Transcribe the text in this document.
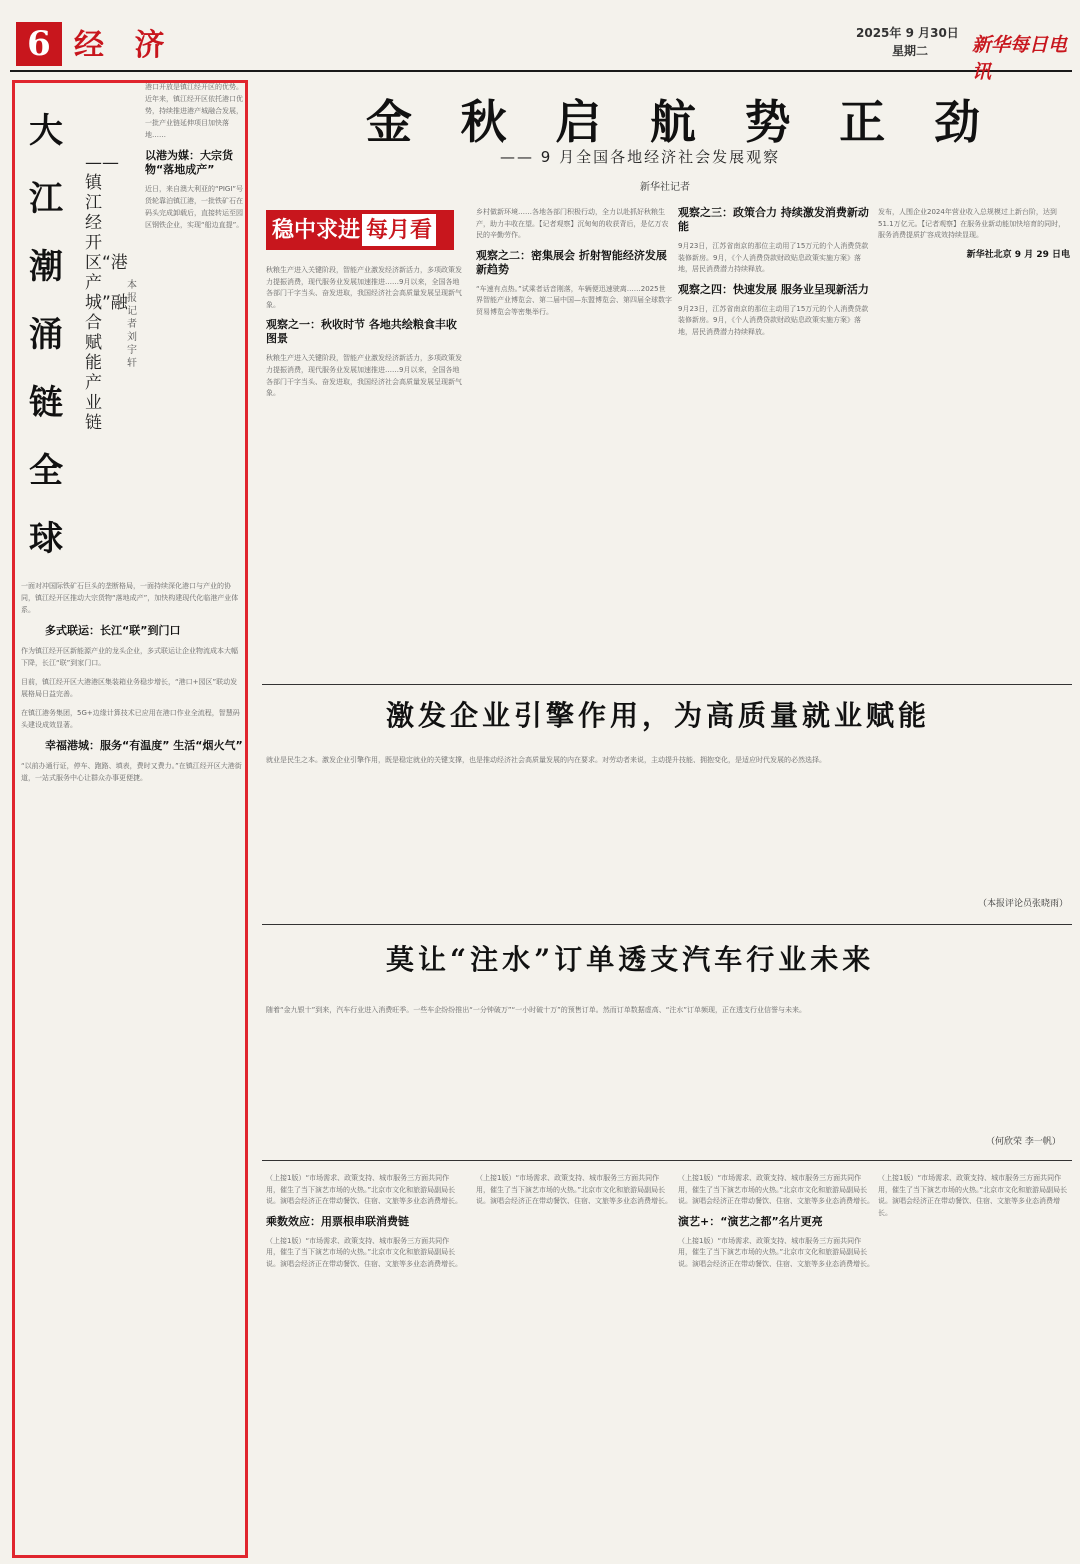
6 经 济	2025年 9 月30日
星期二 新华每日电讯
大江潮涌链全球
——镇江经开区“港产城”融合赋能产业链
本报记者 刘宇轩
港口开放是镇江经开区的优势。近年来，镇江经开区依托港口优势，持续推进港产城融合发展，一批产业链延伸项目加快落地……
以港为媒：大宗货物“落地成产”
近日，来自澳大利亚的“PIGI”号货轮靠泊镇江港，一批铁矿石在码头完成卸载后，直接转运至园区钢铁企业，实现“船边直提”。

一面对冲国际铁矿石巨头的垄断格局，一面持续深化港口与产业的协同，镇江经开区推动大宗货物“落地成产”，加快构建现代化临港产业体系。

多式联运：长江“联”到门口

作为镇江经开区新能源产业的龙头企业，多式联运让企业物流成本大幅下降，长江“联”到家门口。

目前，镇江经开区大港港区集装箱业务稳步增长，“港口+园区”联动发展格局日益完善。

在镇江港务集团，5G+边缘计算技术已应用在港口作业全流程，智慧码头建设成效显著。

幸福港城：服务“有温度” 生活“烟火气”

“以前办通行证，停车、跑路、填表，费时又费力。”在镇江经开区大港街道，一站式服务中心让群众办事更便捷。

金 秋 启 航 势 正 劲
—— 9 月全国各地经济社会发展观察
新华社记者
稳中求进 每月看

秋粮生产进入关键阶段，智能产业激发经济新活力，多项政策发力提振消费，现代服务业发展加速推进……9月以来，全国各地各部门干字当头、奋发进取，我国经济社会高质量发展呈现新气象。

观察之一：秋收时节 各地共绘粮食丰收图景

秋粮生产进入关键阶段，智能产业激发经济新活力，多项政策发力提振消费，现代服务业发展加速推进……9月以来，全国各地各部门干字当头、奋发进取，我国经济社会高质量发展呈现新气象。

乡村做新环境……各地各部门积极行动，全力以赴抓好秋粮生产，助力丰收在望。【记者观察】沉甸甸的收获背后，是亿万农民的辛勤劳作。

观察之二：密集展会 折射智能经济发展新趋势

“车速有点热。”试乘者话音刚落，车辆便迅速驶离……2025世界智能产业博览会、第二届中国—东盟博览会、第四届全球数字贸易博览会等密集举行。

观察之三：政策合力 持续激发消费新动能

9月23日，江苏省南京的那位主动用了15万元的个人消费贷款装修新房。9月，《个人消费贷款财政贴息政策实施方案》落地，居民消费潜力持续释放。

观察之四：快速发展 服务业呈现新活力

9月23日，江苏省南京的那位主动用了15万元的个人消费贷款装修新房。9月，《个人消费贷款财政贴息政策实施方案》落地，居民消费潜力持续释放。

发布，人围企业2024年营业收入总规模过上新台阶，达到51.1万亿元。【记者观察】在服务业新动能加快培育的同时，服务消费提质扩容成效持续显现。

新华社北京 9 月 29 日电
激发企业引擎作用，为高质量就业赋能

就业是民生之本。激发企业引擎作用，既是稳定就业的关键支撑，也是推动经济社会高质量发展的内在要求。对劳动者来说，主动提升技能、拥抱变化，是适应时代发展的必然选择。

（本报评论员张晓雨）
莫让“注水”订单透支汽车行业未来

随着“金九银十”到来，汽车行业进入消费旺季。一些车企纷纷推出“一分钟破万”“一小时破十万”的预售订单。然而订单数据虚高、“注水”订单频现，正在透支行业信誉与未来。

（何欣荣 李一帆）

（上接1版）“市场需求、政策支持、城市服务三方面共同作用，催生了当下演艺市场的火热。”北京市文化和旅游局副局长说。演唱会经济正在带动餐饮、住宿、文旅等多业态消费增长。

乘数效应：用票根串联消费链

（上接1版）“市场需求、政策支持、城市服务三方面共同作用，催生了当下演艺市场的火热。”北京市文化和旅游局副局长说。演唱会经济正在带动餐饮、住宿、文旅等多业态消费增长。

（上接1版）“市场需求、政策支持、城市服务三方面共同作用，催生了当下演艺市场的火热。”北京市文化和旅游局副局长说。演唱会经济正在带动餐饮、住宿、文旅等多业态消费增长。

（上接1版）“市场需求、政策支持、城市服务三方面共同作用，催生了当下演艺市场的火热。”北京市文化和旅游局副局长说。演唱会经济正在带动餐饮、住宿、文旅等多业态消费增长。

演艺+：“演艺之都”名片更亮

（上接1版）“市场需求、政策支持、城市服务三方面共同作用，催生了当下演艺市场的火热。”北京市文化和旅游局副局长说。演唱会经济正在带动餐饮、住宿、文旅等多业态消费增长。

（上接1版）“市场需求、政策支持、城市服务三方面共同作用，催生了当下演艺市场的火热。”北京市文化和旅游局副局长说。演唱会经济正在带动餐饮、住宿、文旅等多业态消费增长。
